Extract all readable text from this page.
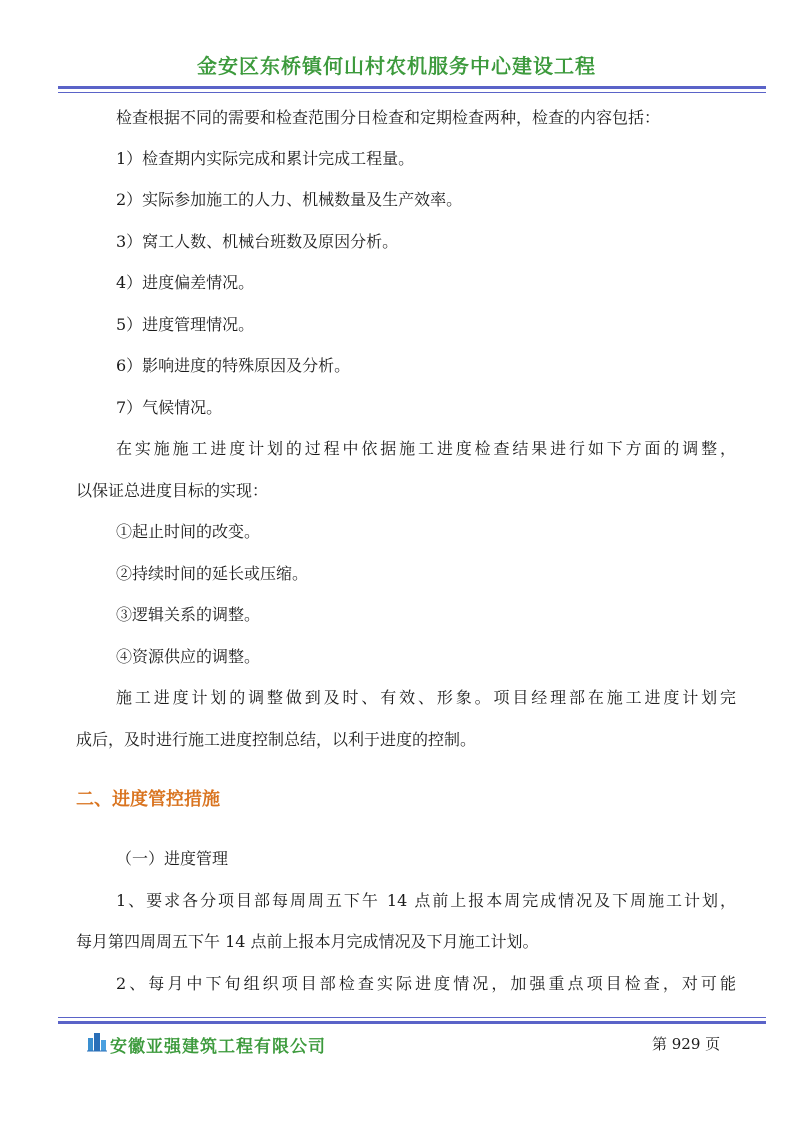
金安区东桥镇何山村农机服务中心建设工程
检查根据不同的需要和检查范围分日检查和定期检查两种，检查的内容包括：
1）检查期内实际完成和累计完成工程量。
2）实际参加施工的人力、机械数量及生产效率。
3）窝工人数、机械台班数及原因分析。
4）进度偏差情况。
5）进度管理情况。
6）影响进度的特殊原因及分析。
7）气候情况。
在实施施工进度计划的过程中依据施工进度检查结果进行如下方面的调整，
以保证总进度目标的实现：
①起止时间的改变。
②持续时间的延长或压缩。
③逻辑关系的调整。
④资源供应的调整。
施工进度计划的调整做到及时、有效、形象。项目经理部在施工进度计划完
成后，及时进行施工进度控制总结，以利于进度的控制。
二、进度管控措施
（一）进度管理
1、要求各分项目部每周周五下午 14 点前上报本周完成情况及下周施工计划，
每月第四周周五下午 14 点前上报本月完成情况及下月施工计划。
2、每月中下旬组织项目部检查实际进度情况，加强重点项目检查，对可能
安徽亚强建筑工程有限公司	第 929 页
